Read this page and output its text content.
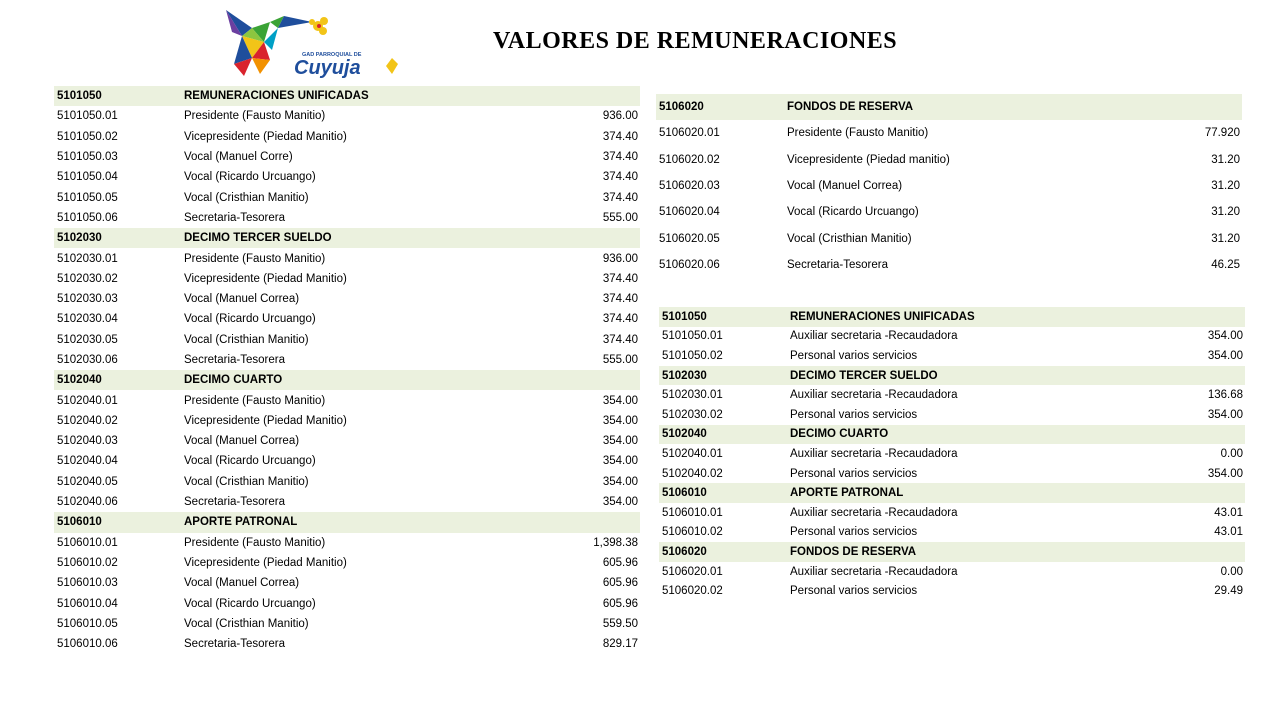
GAD PARROQUIAL DE
Cuyuja
VALORES DE REMUNERACIONES
5101050	REMUNERACIONES UNIFICADAS	
5101050.01	Presidente (Fausto Manitio)	936.00
5101050.02	Vicepresidente (Piedad Manitio)	374.40
5101050.03	Vocal (Manuel Corre)	374.40
5101050.04	Vocal (Ricardo Urcuango)	374.40
5101050.05	Vocal (Cristhian Manitio)	374.40
5101050.06	Secretaria-Tesorera	555.00
5102030	DECIMO TERCER SUELDO	
5102030.01	Presidente (Fausto Manitio)	936.00
5102030.02	Vicepresidente (Piedad Manitio)	374.40
5102030.03	Vocal (Manuel Correa)	374.40
5102030.04	Vocal (Ricardo Urcuango)	374.40
5102030.05	Vocal (Cristhian Manitio)	374.40
5102030.06	Secretaria-Tesorera	555.00
5102040	DECIMO CUARTO	
5102040.01	Presidente (Fausto Manitio)	354.00
5102040.02	Vicepresidente (Piedad Manitio)	354.00
5102040.03	Vocal (Manuel Correa)	354.00
5102040.04	Vocal (Ricardo Urcuango)	354.00
5102040.05	Vocal (Cristhian Manitio)	354.00
5102040.06	Secretaria-Tesorera	354.00
5106010	APORTE PATRONAL	
5106010.01	Presidente (Fausto Manitio)	1,398.38
5106010.02	Vicepresidente (Piedad Manitio)	605.96
5106010.03	Vocal (Manuel Correa)	605.96
5106010.04	Vocal (Ricardo Urcuango)	605.96
5106010.05	Vocal (Cristhian Manitio)	559.50
5106010.06	Secretaria-Tesorera	829.17
5106020	FONDOS DE RESERVA	
5106020.01	Presidente (Fausto Manitio)	77.920
5106020.02	Vicepresidente (Piedad manitio)	31.20
5106020.03	Vocal (Manuel Correa)	31.20
5106020.04	Vocal (Ricardo Urcuango)	31.20
5106020.05	Vocal (Cristhian Manitio)	31.20
5106020.06	Secretaria-Tesorera	46.25
5101050	REMUNERACIONES UNIFICADAS	
5101050.01	Auxiliar secretaria -Recaudadora	354.00
5101050.02	Personal varios servicios	354.00
5102030	DECIMO TERCER SUELDO	
5102030.01	Auxiliar secretaria -Recaudadora	136.68
5102030.02	Personal varios servicios	354.00
5102040	DECIMO CUARTO	
5102040.01	Auxiliar secretaria -Recaudadora	0.00
5102040.02	Personal varios servicios	354.00
5106010	APORTE PATRONAL	
5106010.01	Auxiliar secretaria -Recaudadora	43.01
5106010.02	Personal varios servicios	43.01
5106020	FONDOS DE RESERVA	
5106020.01	Auxiliar secretaria -Recaudadora	0.00
5106020.02	Personal varios servicios	29.49
